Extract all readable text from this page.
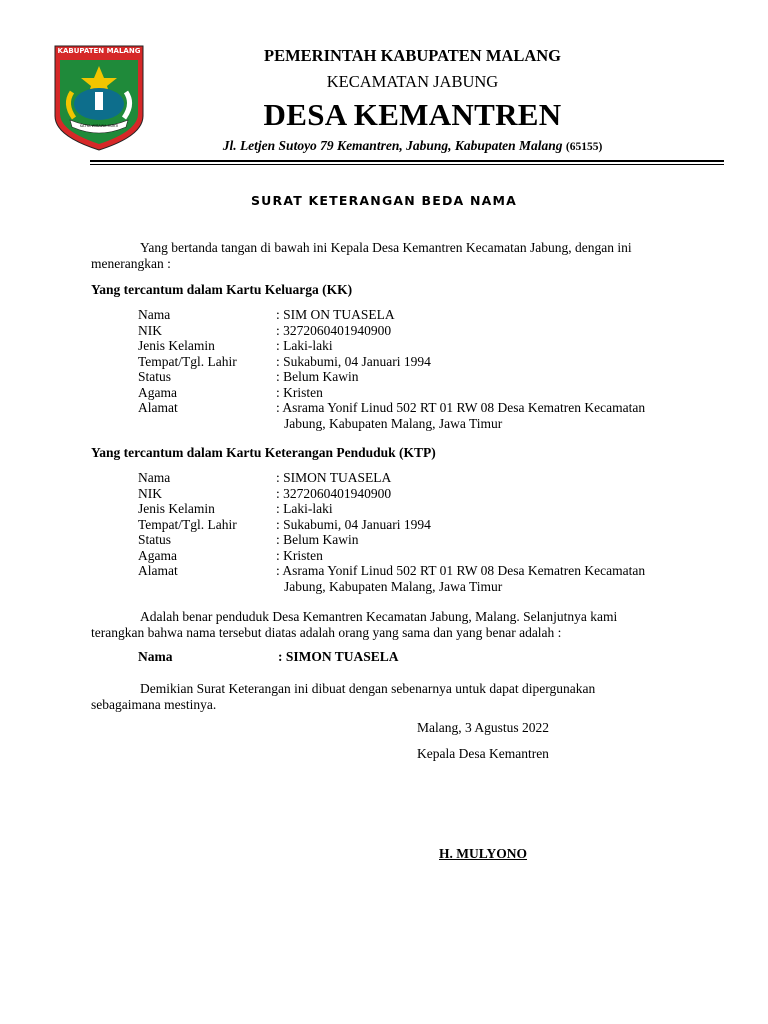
KABUPATEN MALANG
SATYA WIBAWA MUKTI
PEMERINTAH KABUPATEN MALANG
KECAMATAN JABUNG
DESA KEMANTREN
Jl. Letjen Sutoyo 79 Kemantren, Jabung, Kabupaten Malang (65155)
SURAT KETERANGAN BEDA NAMA
Yang bertanda tangan di bawah ini Kepala Desa Kemantren Kecamatan Jabung, dengan ini
menerangkan :
Yang tercantum dalam Kartu Keluarga (KK)
Nama	: SIM ON TUASELA
NIK	: 3272060401940900
Jenis Kelamin	: Laki-laki
Tempat/Tgl. Lahir	: Sukabumi, 04 Januari 1994
Status	: Belum Kawin
Agama	: Kristen
Alamat	: Asrama Yonif Linud 502 RT 01 RW 08 Desa Kematren Kecamatan
Jabung, Kabupaten Malang, Jawa Timur
Yang tercantum dalam Kartu Keterangan Penduduk (KTP)
Nama	: SIMON TUASELA
NIK	: 3272060401940900
Jenis Kelamin	: Laki-laki
Tempat/Tgl. Lahir	: Sukabumi, 04 Januari 1994
Status	: Belum Kawin
Agama	: Kristen
Alamat	: Asrama Yonif Linud 502 RT 01 RW 08 Desa Kematren Kecamatan
Jabung, Kabupaten Malang, Jawa Timur
Adalah benar penduduk Desa Kemantren Kecamatan Jabung, Malang. Selanjutnya kami
terangkan bahwa nama tersebut diatas adalah orang yang sama dan yang benar adalah :
Nama	: SIMON TUASELA
Demikian Surat Keterangan ini dibuat dengan sebenarnya untuk dapat dipergunakan
sebagaimana mestinya.
Malang, 3 Agustus 2022
Kepala Desa Kemantren
H. MULYONO
